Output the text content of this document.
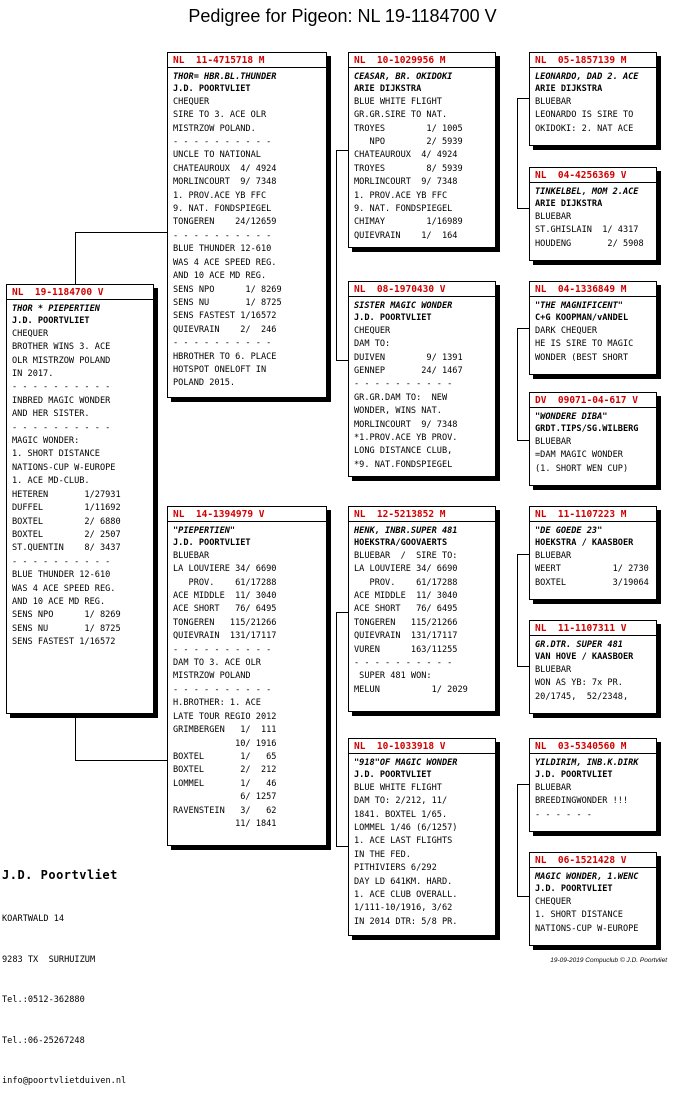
Pedigree for Pigeon: NL 19-1184700 V
NL  19-1184700 V
THOR * PIEPERTIEN
J.D. POORTVLIET
CHEQUER
BROTHER WINS 3. ACE
OLR MISTRZOW POLAND
IN 2017.
- - - - - - - - - -
INBRED MAGIC WONDER
AND HER SISTER.
- - - - - - - - - -
MAGIC WONDER:
1. SHORT DISTANCE
NATIONS-CUP W-EUROPE
1. ACE MD-CLUB.
HETEREN       1/27931
DUFFEL        1/11692
BOXTEL        2/ 6880
BOXTEL        2/ 2507
ST.QUENTIN    8/ 3437
- - - - - - - - - -
BLUE THUNDER 12-610
WAS 4 ACE SPEED REG.
AND 10 ACE MD REG.
SENS NPO      1/ 8269
SENS NU       1/ 8725
SENS FASTEST 1/16572
NL  11-4715718 M
THOR= HBR.BL.THUNDER
J.D. POORTVLIET
CHEQUER
SIRE TO 3. ACE OLR
MISTRZOW POLAND.
- - - - - - - - - -
UNCLE TO NATIONAL
CHATEAUROUX  4/ 4924
MORLINCOURT  9/ 7348
1. PROV.ACE YB FFC
9. NAT. FONDSPIEGEL
TONGEREN    24/12659
- - - - - - - - - -
BLUE THUNDER 12-610
WAS 4 ACE SPEED REG.
AND 10 ACE MD REG.
SENS NPO      1/ 8269
SENS NU       1/ 8725
SENS FASTEST 1/16572
QUIEVRAIN    2/  246
- - - - - - - - - -
HBROTHER TO 6. PLACE
HOTSPOT ONELOFT IN
POLAND 2015.
NL  14-1394979 V
"PIEPERTIEN"
J.D. POORTVLIET
BLUEBAR
LA LOUVIERE 34/ 6690
PROV.    61/17288
ACE MIDDLE  11/ 3040
ACE SHORT   76/ 6495
TONGEREN   115/21266
QUIEVRAIN  131/17117
- - - - - - - - - -
DAM TO 3. ACE OLR
MISTRZOW POLAND
- - - - - - - - - -
H.BROTHER: 1. ACE
LATE TOUR REGIO 2012
GRIMBERGEN   1/  111
10/ 1916
BOXTEL       1/   65
BOXTEL       2/  212
LOMMEL       1/   46
6/ 1257
RAVENSTEIN   3/   62
11/ 1841
NL  10-1029956 M
CEASAR, BR. OKIDOKI
ARIE DIJKSTRA
BLUE WHITE FLIGHT
GR.GR.SIRE TO NAT.
TROYES        1/ 1005
NPO        2/ 5939
CHATEAUROUX  4/ 4924
TROYES        8/ 5939
MORLINCOURT  9/ 7348
1. PROV.ACE YB FFC
9. NAT. FONDSPIEGEL
CHIMAY        1/16989
QUIEVRAIN    1/  164
NL  08-1970430 V
SISTER MAGIC WONDER
J.D. POORTVLIET
CHEQUER
DAM TO:
DUIVEN        9/ 1391
GENNEP       24/ 1467
- - - - - - - - - -
GR.GR.DAM TO:  NEW
WONDER, WINS NAT.
MORLINCOURT  9/ 7348
*1.PROV.ACE YB PROV.
LONG DISTANCE CLUB,
*9. NAT.FONDSPIEGEL
NL  12-5213852 M
HENK, INBR.SUPER 481
HOEKSTRA/GOOVAERTS
BLUEBAR  /  SIRE TO:
LA LOUVIERE 34/ 6690
PROV.    61/17288
ACE MIDDLE  11/ 3040
ACE SHORT   76/ 6495
TONGEREN   115/21266
QUIEVRAIN  131/17117
VUREN      163/11255
- - - - - - - - - -
SUPER 481 WON:
MELUN          1/ 2029
NL  10-1033918 V
"918"OF MAGIC WONDER
J.D. POORTVLIET
BLUE WHITE FLIGHT
DAM TO: 2/212, 11/
1841. BOXTEL 1/65.
LOMMEL 1/46 (6/1257)
1. ACE LAST FLIGHTS
IN THE FED.
PITHIVIERS 6/292
DAY LD 641KM. HARD.
1. ACE CLUB OVERALL.
1/111-10/1916, 3/62
IN 2014 DTR: 5/8 PR.
NL  05-1857139 M
LEONARDO, DAD 2. ACE
ARIE DIJKSTRA
BLUEBAR
LEONARDO IS SIRE TO
OKIDOKI: 2. NAT ACE
NL  04-4256369 V
TINKELBEL, MOM 2.ACE
ARIE DIJKSTRA
BLUEBAR
ST.GHISLAIN  1/ 4317
HOUDENG       2/ 5908
NL  04-1336849 M
"THE MAGNIFICENT"
C+G KOOPMAN/vANDEL
DARK CHEQUER
HE IS SIRE TO MAGIC
WONDER (BEST SHORT
DV  09071-04-617 V
"WONDERE DIBA"
GRDT.TIPS/SG.WILBERG
BLUEBAR
=DAM MAGIC WONDER
(1. SHORT WEN CUP)
NL  11-1107223 M
"DE GOEDE 23"
HOEKSTRA / KAASBOER
BLUEBAR
WEERT          1/ 2730
BOXTEL         3/19064
NL  11-1107311 V
GR.DTR. SUPER 481
VAN HOVE / KAASBOER
BLUEBAR
WON AS YB: 7x PR.
20/1745,  52/2348,
NL  03-5340560 M
YILDIRIM, INB.K.DIRK
J.D. POORTVLIET
BLUEBAR
BREEDINGWONDER !!!
- - - - - -
NL  06-1521428 V
MAGIC WONDER, 1.WENC
J.D. POORTVLIET
CHEQUER
1. SHORT DISTANCE
NATIONS-CUP W-EUROPE
J.D. Poortvliet

KOARTWALD 14

9283 TX  SURHUIZUM

Tel.:0512-362880

Tel.:06-25267248

info@poortvlietduiven.nl

19-09-2019 Compuclub © J.D. Poortvliet
